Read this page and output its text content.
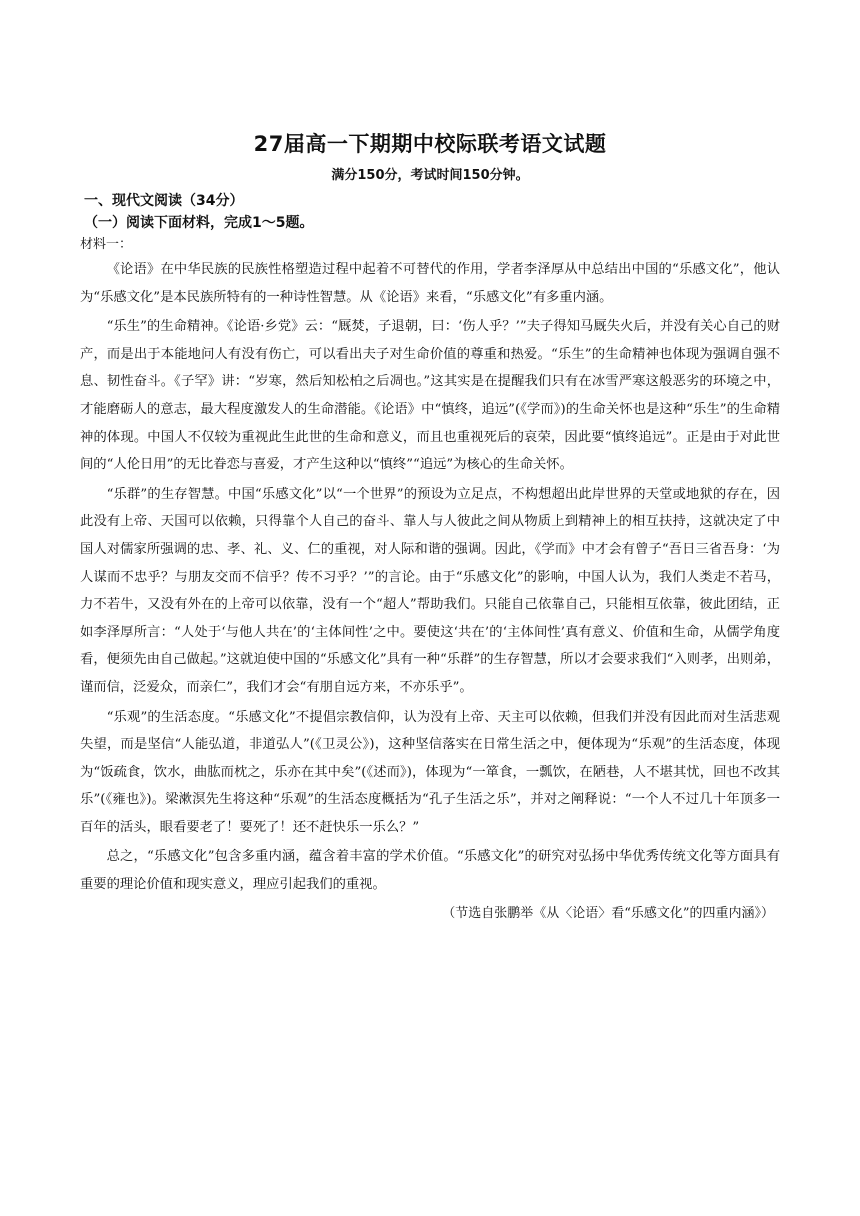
27届高一下期期中校际联考语文试题

满分150分，考试时间150分钟。

一、现代文阅读（34分）

（一）阅读下面材料，完成1～5题。

材料一：

《论语》在中华民族的民族性格塑造过程中起着不可替代的作用，学者李泽厚从中总结出中国的“乐感文化”，他认为“乐感文化”是本民族所特有的一种诗性智慧。从《论语》来看，“乐感文化”有多重内涵。

“乐生”的生命精神。《论语·乡党》云：“厩焚，子退朝，曰：‘伤人乎？’”夫子得知马厩失火后，并没有关心自己的财产，而是出于本能地问人有没有伤亡，可以看出夫子对生命价值的尊重和热爱。“乐生”的生命精神也体现为强调自强不息、韧性奋斗。《子罕》讲：“岁寒，然后知松柏之后凋也。”这其实是在提醒我们只有在冰雪严寒这般恶劣的环境之中，才能磨砺人的意志，最大程度激发人的生命潜能。《论语》中“慎终，追远”(《学而》)的生命关怀也是这种“乐生”的生命精神的体现。中国人不仅较为重视此生此世的生命和意义，而且也重视死后的哀荣，因此要“慎终追远”。正是由于对此世间的“人伦日用”的无比眷恋与喜爱，才产生这种以“慎终”“追远”为核心的生命关怀。

“乐群”的生存智慧。中国“乐感文化”以“一个世界”的预设为立足点，不构想超出此岸世界的天堂或地狱的存在，因此没有上帝、天国可以依赖，只得靠个人自己的奋斗、靠人与人彼此之间从物质上到精神上的相互扶持，这就决定了中国人对儒家所强调的忠、孝、礼、义、仁的重视，对人际和谐的强调。因此，《学而》中才会有曾子“吾日三省吾身：‘为人谋而不忠乎？与朋友交而不信乎？传不习乎？’”的言论。由于“乐感文化”的影响，中国人认为，我们人类走不若马，力不若牛，又没有外在的上帝可以依靠，没有一个“超人”帮助我们。只能自己依靠自己，只能相互依靠，彼此团结，正如李泽厚所言：“人处于‘与他人共在’的‘主体间性’之中。要使这‘共在’的‘主体间性’真有意义、价值和生命，从儒学角度看，便须先由自己做起。”这就迫使中国的“乐感文化”具有一种“乐群”的生存智慧，所以才会要求我们“入则孝，出则弟，谨而信，泛爱众，而亲仁”，我们才会“有朋自远方来，不亦乐乎”。

“乐观”的生活态度。“乐感文化”不提倡宗教信仰，认为没有上帝、天主可以依赖，但我们并没有因此而对生活悲观失望，而是坚信“人能弘道，非道弘人”(《卫灵公》)，这种坚信落实在日常生活之中，便体现为“乐观”的生活态度，体现为“饭疏食，饮水，曲肱而枕之，乐亦在其中矣”(《述而》)，体现为“一箪食，一瓢饮，在陋巷，人不堪其忧，回也不改其乐”(《雍也》)。梁漱溟先生将这种“乐观”的生活态度概括为“孔子生活之乐”，并对之阐释说：“一个人不过几十年顶多一百年的活头，眼看要老了！要死了！还不赶快乐一乐么？”

总之，“乐感文化”包含多重内涵，蕴含着丰富的学术价值。“乐感文化”的研究对弘扬中华优秀传统文化等方面具有重要的理论价值和现实意义，理应引起我们的重视。

（节选自张鹏举《从〈论语〉看“乐感文化”的四重内涵》）
